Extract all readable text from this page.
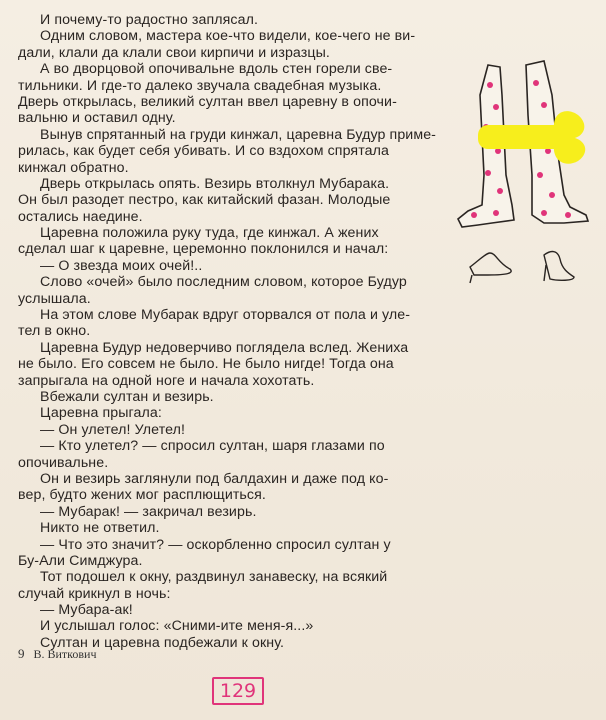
И почему-то радостно заплясал.
Одним словом, мастера кое-что видели, кое-чего не ви-
дали, клали да клали свои кирпичи и изразцы.
А во дворцовой опочивальне вдоль стен горели све-
тильники. И где-то далеко звучала свадебная музыка.
Дверь открылась, великий султан ввел царевну в опочи-
вальню и оставил одну.
Вынув спрятанный на груди кинжал, царевна Будур приме-
рилась, как будет себя убивать. И со вздохом спрятала
кинжал обратно.
Дверь открылась опять. Везирь втолкнул Мубарака.
Он был разодет пестро, как китайский фазан. Молодые
остались наедине.
Царевна положила руку туда, где кинжал. А жених
сделал шаг к царевне, церемонно поклонился и начал:
— О звезда моих очей!..
Слово «очей» было последним словом, которое Будур
услышала.
На этом слове Мубарак вдруг оторвался от пола и уле-
тел в окно.
Царевна Будур недоверчиво поглядела вслед. Жениха
не было. Его совсем не было. Не было нигде! Тогда она
запрыгала на одной ноге и начала хохотать.
Вбежали султан и везирь.
Царевна прыгала:
— Он улетел! Улетел!
— Кто улетел? — спросил султан, шаря глазами по
опочивальне.
Он и везирь заглянули под балдахин и даже под ко-
вер, будто жених мог расплющиться.
— Мубарак! — закричал везирь.
Никто не ответил.
— Что это значит? — оскорбленно спросил султан у
Бу-Али Симджура.
Тот подошел к окну, раздвинул занавеску, на всякий
случай крикнул в ночь:
— Мубара-ак!
И услышал голос: «Сними-ите меня-я...»
Султан и царевна подбежали к окну.
9 В. Виткович
129
